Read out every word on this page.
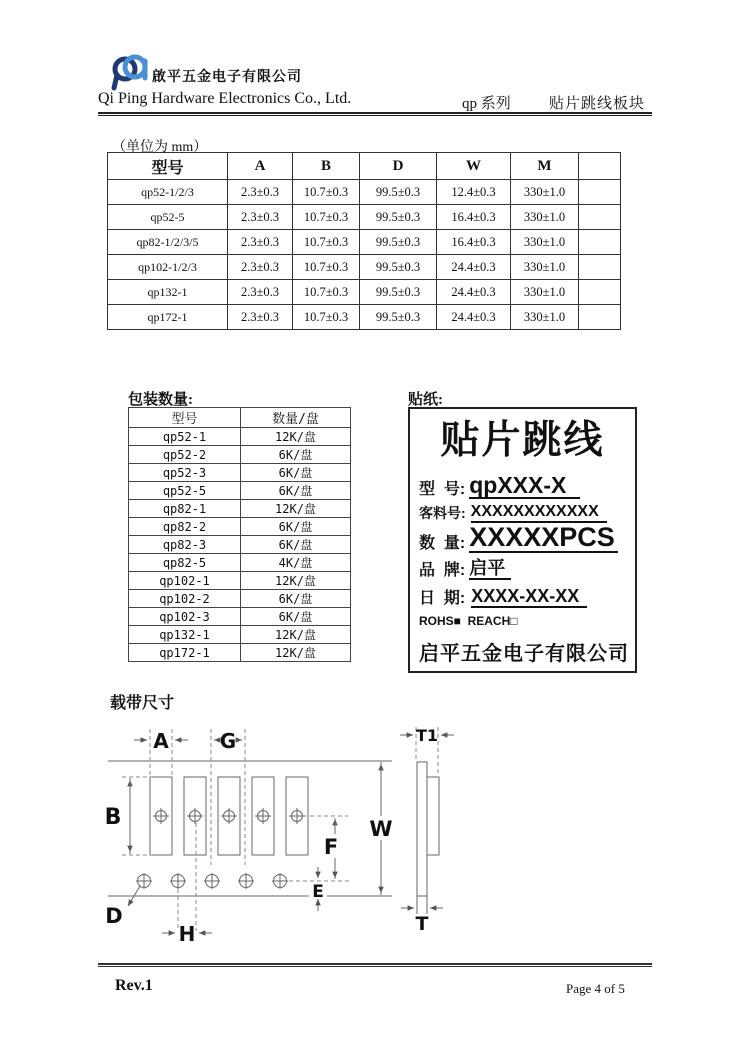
啟平五金电子有限公司
Qi Ping Hardware Electronics Co., Ltd.	qp 系列	贴片跳线板块
（单位为 mm）
型号	A	B	D	W	M	
qp52-1/2/3	2.3±0.3	10.7±0.3	99.5±0.3	12.4±0.3	330±1.0	
qp52-5	2.3±0.3	10.7±0.3	99.5±0.3	16.4±0.3	330±1.0	
qp82-1/2/3/5	2.3±0.3	10.7±0.3	99.5±0.3	16.4±0.3	330±1.0	
qp102-1/2/3	2.3±0.3	10.7±0.3	99.5±0.3	24.4±0.3	330±1.0	
qp132-1	2.3±0.3	10.7±0.3	99.5±0.3	24.4±0.3	330±1.0	
qp172-1	2.3±0.3	10.7±0.3	99.5±0.3	24.4±0.3	330±1.0	
包装数量:
型号	数量/盘
qp52-1	12K/盘
qp52-2	6K/盘
qp52-3	6K/盘
qp52-5	6K/盘
qp82-1	12K/盘
qp82-2	6K/盘
qp82-3	6K/盘
qp82-5	4K/盘
qp102-1	12K/盘
qp102-2	6K/盘
qp102-3	6K/盘
qp132-1	12K/盘
qp172-1	12K/盘
贴纸:
贴片跳线
型  号: qpXXX-X
客料号: XXXXXXXXXXXX
数  量: XXXXXPCS
品  牌: 启平
日  期: XXXX-XX-XX
ROHS■  REACH□
启平五金电子有限公司
载带尺寸
A	G
B	W
F
E
D
H
T1
T
Rev.1	Page 4 of 5
